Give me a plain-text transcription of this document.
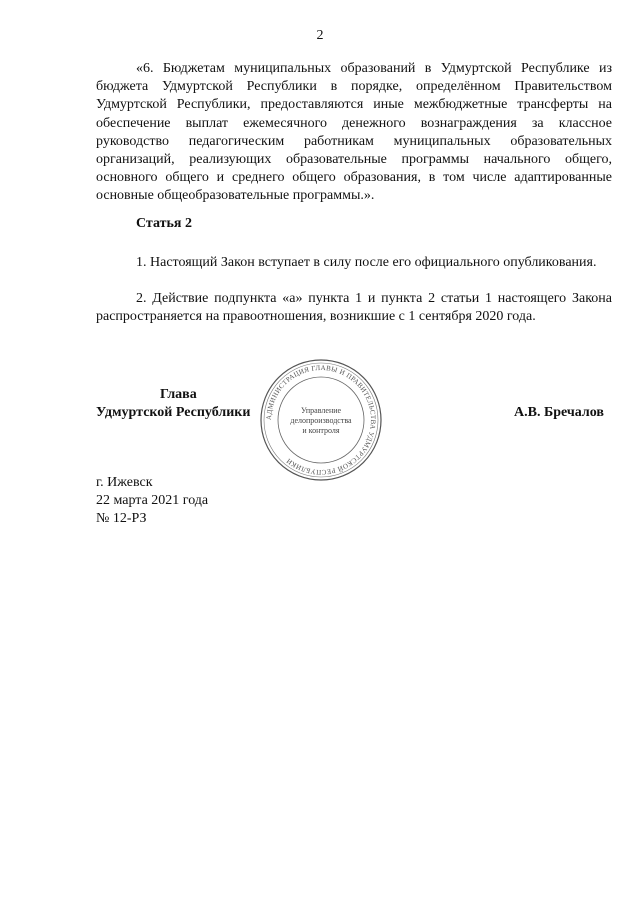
2
«6. Бюджетам муниципальных образований в Удмуртской Республике из бюджета Удмуртской Республики в порядке, определённом Правительством Удмуртской Республики, предоставляются иные межбюджетные трансферты на обеспечение выплат ежемесячного денежного вознаграждения за классное руководство педагогическим работникам муниципальных образовательных организаций, реализующих образовательные программы начального общего, основного общего и среднего общего образования, в том числе адаптированные основные общеобразовательные программы.».
Статья 2
1. Настоящий Закон вступает в силу после его официального опубликования.
2. Действие подпункта «а» пункта 1 и пункта 2 статьи 1 настоящего Закона распространяется на правоотношения, возникшие с 1 сентября 2020 года.
Глава
Удмуртской Республики АДМИНИСТРАЦИЯ ГЛАВЫ И ПРАВИТЕЛЬСТВА УДМУРТСКОЙ РЕСПУБЛИКИ
Управление
делопроизводства
и контроля
А.В. Бречалов
г. Ижевск
22 марта 2021 года
№ 12-РЗ
